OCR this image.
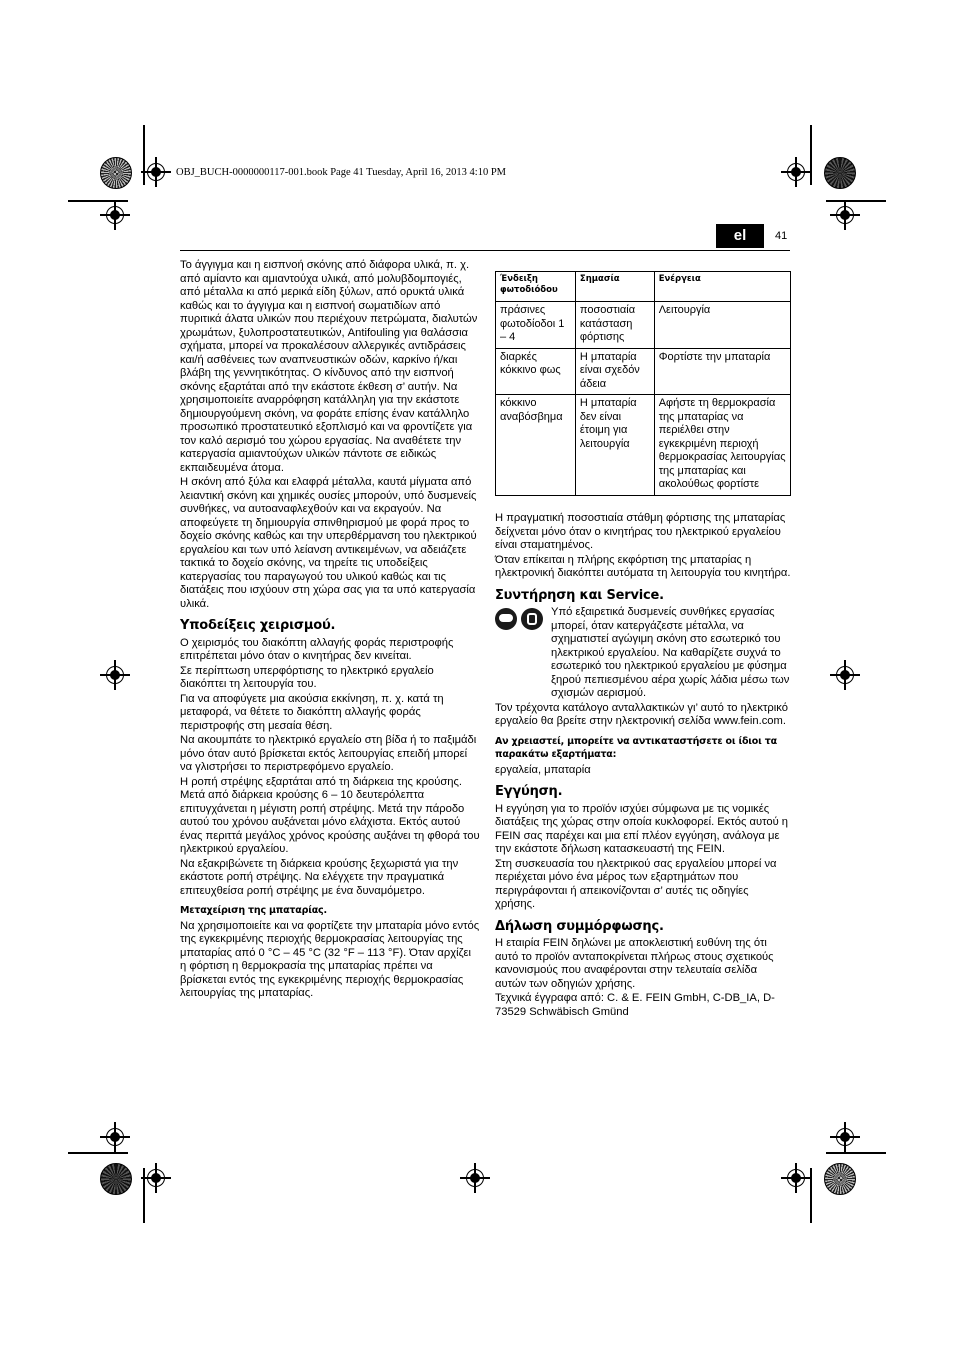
OBJ_BUCH-0000000117-001.book Page 41 Tuesday, April 16, 2013 4:10 PM
el	41

Το άγγιγμα και η εισπνοή σκόνης από διάφορα υλικά, π. χ. από αμίαντο και αμιαντούχα υλικά, από μολυβδομπογιές, από μέταλλα κι από μερικά είδη ξύλων, από ορυκτά υλικά καθώς και το άγγιγμα και η εισπνοή σωματιδίων από πυριτικά άλατα υλικών που περιέχουν πετρώματα, διαλυτών χρωμάτων, ξυλοπροστατευτικών, Antifouling για θαλάσσια σχήματα, μπορεί να προκαλέσουν αλλεργικές αντιδράσεις και/ή ασθένειες των αναπνευστικών οδών, καρκίνο ή/και βλάβη της γεννητικότητας. Ο κίνδυνος από την εισπνοή σκόνης εξαρτάται από την εκάστοτε έκθεση σ’ αυτήν. Να χρησιμοποιείτε αναρρόφηση κατάλληλη για την εκάστοτε δημιουργούμενη σκόνη, να φοράτε επίσης έναν κατάλληλο προσωπικό προστατευτικό εξοπλισμό και να φροντίζετε για τον καλό αερισμό του χώρου εργασίας. Να αναθέτετε την κατεργασία αμιαντούχων υλικών πάντοτε σε ειδικώς εκπαιδευμένα άτομα.

Η σκόνη από ξύλα και ελαφρά μέταλλα, καυτά μίγματα από λειαντική σκόνη και χημικές ουσίες μπορούν, υπό δυσμενείς συνθήκες, να αυτοαναφλεχθούν και να εκραγούν. Να αποφεύγετε τη δημιουργία σπινθηρισμού με φορά προς το δοχείο σκόνης καθώς και την υπερθέρμανση του ηλεκτρικού εργαλείου και των υπό λείανση αντικειμένων, να αδειάζετε τακτικά το δοχείο σκόνης, να τηρείτε τις υποδείξεις κατεργασίας του παραγωγού του υλικού καθώς και τις διατάξεις που ισχύουν στη χώρα σας για τα υπό κατεργασία υλικά.

Υποδείξεις χειρισμού.

Ο χειρισμός του διακόπτη αλλαγής φοράς περιστροφής επιτρέπεται μόνο όταν ο κινητήρας δεν κινείται.

Σε περίπτωση υπερφόρτισης το ηλεκτρικό εργαλείο διακόπτει τη λειτουργία του.

Για να αποφύγετε μια ακούσια εκκίνηση, π. χ. κατά τη μεταφορά, να θέτετε το διακόπτη αλλαγής φοράς περιστροφής στη μεσαία θέση.

Να ακουμπάτε το ηλεκτρικό εργαλείο στη βίδα ή το παξιμάδι μόνο όταν αυτό βρίσκεται εκτός λειτουργίας επειδή μπορεί να γλιστρήσει το περιστρεφόμενο εργαλείο.

Η ροπή στρέψης εξαρτάται από τη διάρκεια της κρούσης. Μετά από διάρκεια κρούσης 6 – 10 δευτερόλεπτα επιτυγχάνεται η μέγιστη ροπή στρέψης. Μετά την πάροδο αυτού του χρόνου αυξάνεται μόνο ελάχιστα. Εκτός αυτού ένας περιττά μεγάλος χρόνος κρούσης αυξάνει τη φθορά του ηλεκτρικού εργαλείου.

Να εξακριβώνετε τη διάρκεια κρούσης ξεχωριστά για την εκάστοτε ροπή στρέψης. Να ελέγχετε την πραγματικά επιτευχθείσα ροπή στρέψης με ένα δυναμόμετρο.

Μεταχείριση της μπαταρίας.

Να χρησιμοποιείτε και να φορτίζετε την μπαταρία μόνο εντός της εγκεκριμένης περιοχής θερμοκρασίας λειτουργίας της μπαταρίας από 0 °C – 45 °C (32 °F – 113 °F). Όταν αρχίζει η φόρτιση η θερμοκρασία της μπαταρίας πρέπει να βρίσκεται εντός της εγκεκριμένης περιοχής θερμοκρασίας λειτουργίας της μπαταρίας.

Ένδειξη φωτοδιόδου	Σημασία	Ενέργεια
πράσινες φωτοδίοδοι 1 – 4	ποσοστιαία κατάσταση φόρτισης	Λειτουργία
διαρκές κόκκινο φως	Η μπαταρία είναι σχεδόν άδεια	Φορτίστε την μπαταρία
κόκκινο αναβόσβημα	Η μπαταρία δεν είναι έτοιμη για λειτουργία	Αφήστε τη θερμοκρασία της μπαταρίας να περιέλθει στην εγκεκριμένη περιοχή θερμοκρασίας λειτουργίας της μπαταρίας και ακολούθως φορτίστε

Η πραγματική ποσοστιαία στάθμη φόρτισης της μπαταρίας δείχνεται μόνο όταν ο κινητήρας του ηλεκτρικού εργαλείου είναι σταματημένος.

Όταν επίκειται η πλήρης εκφόρτιση της μπαταρίας η ηλεκτρονική διακόπτει αυτόματα τη λειτουργία του κινητήρα.

Συντήρηση και Service.

Υπό εξαιρετικά δυσμενείς συνθήκες εργασίας μπορεί, όταν κατεργάζεστε μέταλλα, να σχηματιστεί αγώγιμη σκόνη στο εσωτερικό του ηλεκτρικού εργαλείου. Να καθαρίζετε συχνά το εσωτερικό του ηλεκτρικού εργαλείου με φύσημα ξηρού πεπιεσμένου αέρα χωρίς λάδια μέσω των σχισμών αερισμού.

Τον τρέχοντα κατάλογο ανταλλακτικών γι’ αυτό το ηλεκτρικό εργαλείο θα βρείτε στην ηλεκτρονική σελίδα www.fein.com.

Αν χρειαστεί, μπορείτε να αντικαταστήσετε οι ίδιοι τα παρακάτω εξαρτήματα:

εργαλεία, μπαταρία

Εγγύηση.

Η εγγύηση για το προϊόν ισχύει σύμφωνα με τις νομικές διατάξεις της χώρας στην οποία κυκλοφορεί. Εκτός αυτού η FEIN σας παρέχει και μια επί πλέον εγγύηση, ανάλογα με την εκάστοτε δήλωση κατασκευαστή της FEIN.

Στη συσκευασία του ηλεκτρικού σας εργαλείου μπορεί να περιέχεται μόνο ένα μέρος των εξαρτημάτων που περιγράφονται ή απεικονίζονται σ’ αυτές τις οδηγίες χρήσης.

Δήλωση συμμόρφωσης.

Η εταιρία FEIN δηλώνει με αποκλειστική ευθύνη της ότι αυτό το προϊόν ανταποκρίνεται πλήρως στους σχετικούς κανονισμούς που αναφέρονται στην τελευταία σελίδα αυτών των οδηγιών χρήσης.

Τεχνικά έγγραφα από: C. & E. FEIN GmbH, C-DB_IA, D-73529 Schwäbisch Gmünd
